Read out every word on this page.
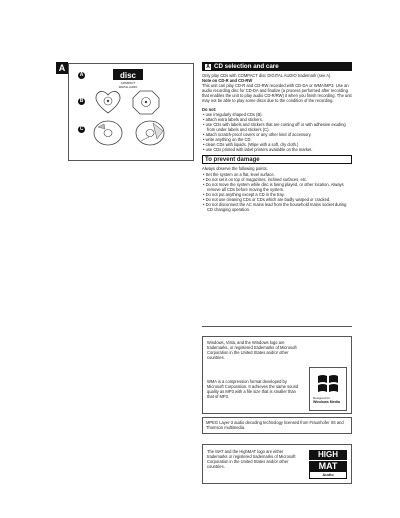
A
A
B
C
disc
COMPACT
DIGITAL AUDIO
A CD selection and care

Only play CDs with COMPACT disc DIGITAL AUDIO trademark (see A).

Note on CD-R and CD-RW

This unit can play CD-R and CD-RW recorded with CD-DA or WMA/MP3. Use an audio recording disc for CD-DA and finalize (a process performed after recording that enables the unit to play audio CD-R/RW) it when you finish recording. The unit may not be able to play some discs due to the condition of the recording.

Do not:

• use irregularly shaped CDs (B).

• attach extra labels and stickers.

• use CDs with labels and stickers that are coming off or with adhesive exuding from under labels and stickers (C).

• attach scratch-proof covers or any other kind of accessory.

• write anything on the CD.

• clean CDs with liquids. (Wipe with a soft, dry cloth.)

• use CDs printed with label printers available on the market.

To prevent damage

Always observe the following points.

• Set the system on a flat, level surface.

• Do not set it on top of magazines, inclined surfaces, etc.

• Do not move the system while disc is being played, or other location. Always remove all CDs before moving the system.

• Do not put anything except a CD in the tray.

• Do not use cleaning CDs or CDs which are badly warped or cracked.

• Do not disconnect the AC mains lead from the household mains socket during CD changing operation.

Windows, Vista, and the Windows logo are trademarks, or registered trademarks of Microsoft Corporation in the United States and/or other countries.

WMA is a compression format developed by Microsoft Corporation. It achieves the same sound quality as MP3 with a file size that is smaller than that of MP3.	Designed for
Windows Media

MPEG Layer-3 audio decoding technology licensed from Fraunhofer IIS and Thomson multimedia.

The MAT and the HighMAT logo are either trademarks or registered trademarks of Microsoft Corporation in the United States and/or other countries.

HIGH
MAT
Audio
